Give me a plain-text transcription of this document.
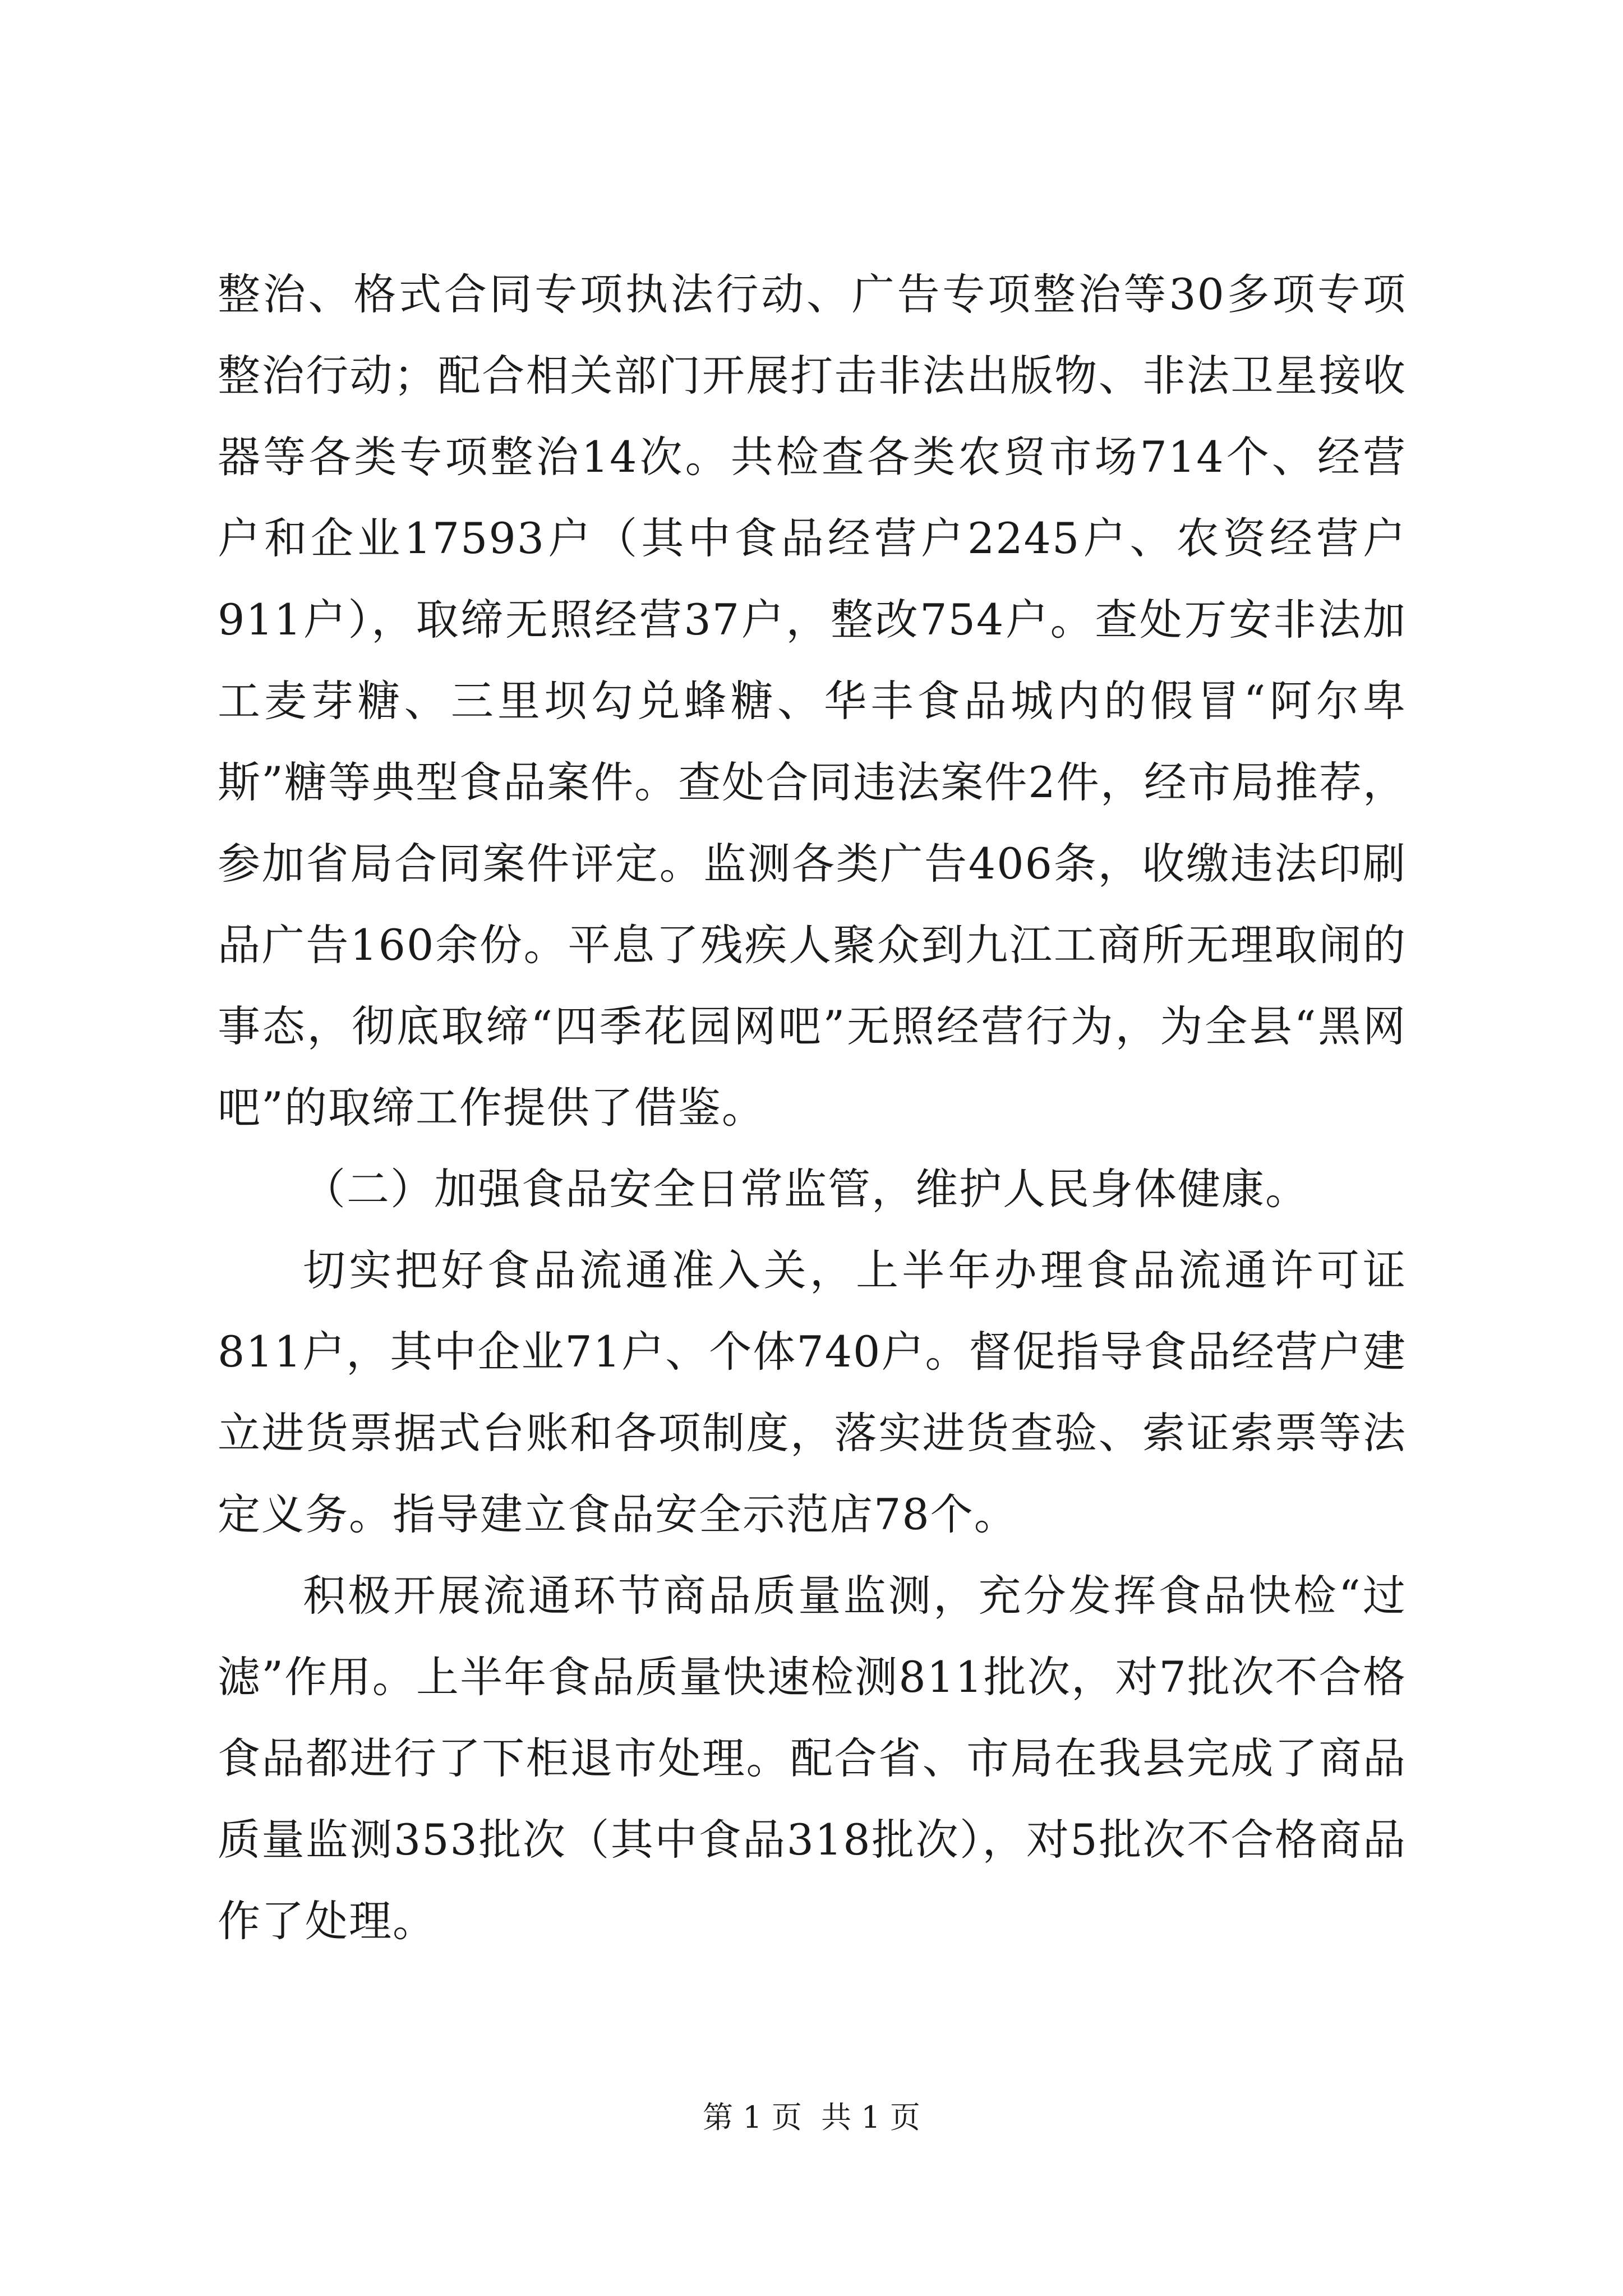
整治、格式合同专项执法行动、广告专项整治等30多项专项整治行动；配合相关部门开展打击非法出版物、非法卫星接收器等各类专项整治14次。共检查各类农贸市场714个、经营户和企业17593户（其中食品经营户2245户、农资经营户911户），取缔无照经营37户，整改754户。查处万安非法加工麦芽糖、三里坝勾兑蜂糖、华丰食品城内的假冒“阿尔卑斯”糖等典型食品案件。查处合同违法案件2件，经市局推荐，参加省局合同案件评定。监测各类广告406条，收缴违法印刷品广告160余份。平息了残疾人聚众到九江工商所无理取闹的事态，彻底取缔“四季花园网吧”无照经营行为，为全县“黑网吧”的取缔工作提供了借鉴。

（二）加强食品安全日常监管，维护人民身体健康。

切实把好食品流通准入关，上半年办理食品流通许可证811户，其中企业71户、个体740户。督促指导食品经营户建立进货票据式台账和各项制度，落实进货查验、索证索票等法定义务。指导建立食品安全示范店78个。

积极开展流通环节商品质量监测，充分发挥食品快检“过滤”作用。上半年食品质量快速检测811批次，对7批次不合格食品都进行了下柜退市处理。配合省、市局在我县完成了商品质量监测353批次（其中食品318批次），对5批次不合格商品作了处理。

第 1 页  共 1 页
